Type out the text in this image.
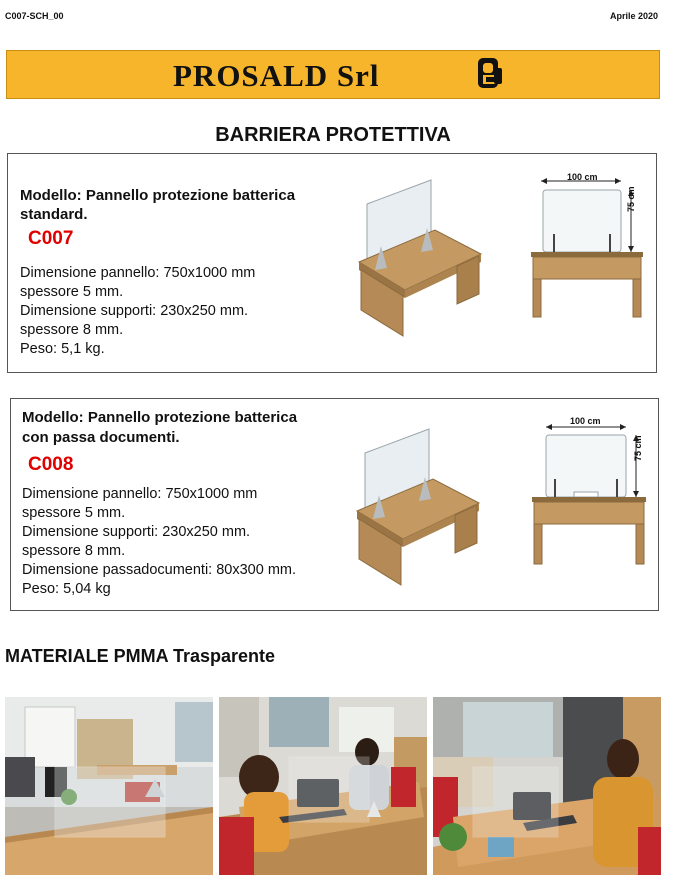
C007-SCH_00	Aprile 2020
PROSALD Srl
BARRIERA PROTETTIVA
Modello: Pannello protezione batterica
standard.
C007
Dimensione pannello: 750x1000 mm
spessore 5 mm.
Dimensione supporti: 230x250 mm.
spessore 8 mm.
Peso: 5,1 kg.
100 cm
75 cm
Modello: Pannello protezione batterica
con passa documenti.
C008
Dimensione pannello: 750x1000 mm
spessore 5 mm.
Dimensione supporti: 230x250 mm.
spessore 8 mm.
Dimensione passadocumenti: 80x300 mm.
Peso: 5,04 kg
100 cm
75 cm
MATERIALE PMMA Trasparente
